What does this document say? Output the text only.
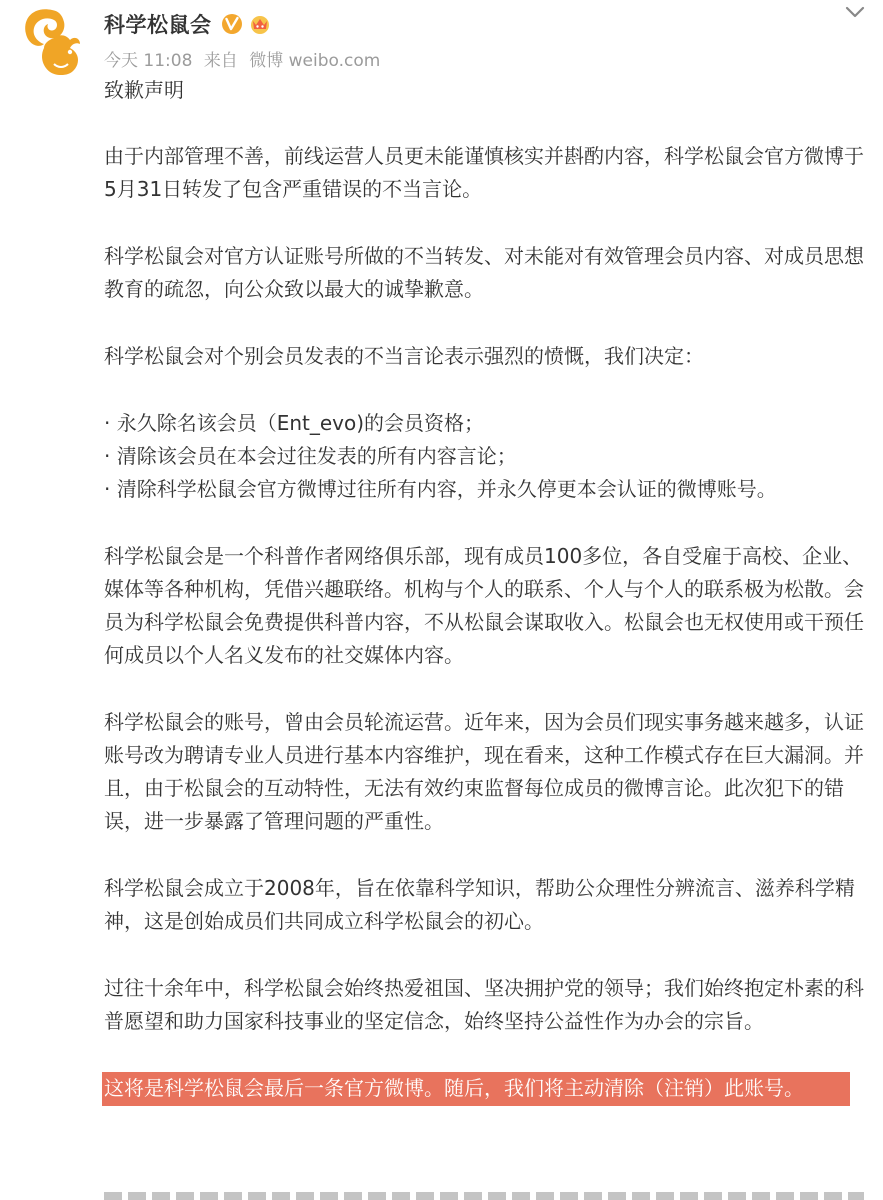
科学松鼠会
今天 11:08 来自 微博 weibo.com

致歉声明

由于内部管理不善，前线运营人员更未能谨慎核实并斟酌内容，科学松鼠会官方微博于5月31日转发了包含严重错误的不当言论。

科学松鼠会对官方认证账号所做的不当转发、对未能对有效管理会员内容、对成员思想教育的疏忽，向公众致以最大的诚挚歉意。

科学松鼠会对个别会员发表的不当言论表示强烈的愤慨，我们决定：

· 永久除名该会员（Ent_evo)的会员资格；
· 清除该会员在本会过往发表的所有内容言论；
· 清除科学松鼠会官方微博过往所有内容，并永久停更本会认证的微博账号。

科学松鼠会是一个科普作者网络俱乐部，现有成员100多位，各自受雇于高校、企业、媒体等各种机构，凭借兴趣联络。机构与个人的联系、个人与个人的联系极为松散。会员为科学松鼠会免费提供科普内容，不从松鼠会谋取收入。松鼠会也无权使用或干预任何成员以个人名义发布的社交媒体内容。

科学松鼠会的账号，曾由会员轮流运营。近年来，因为会员们现实事务越来越多，认证账号改为聘请专业人员进行基本内容维护，现在看来，这种工作模式存在巨大漏洞。并且，由于松鼠会的互动特性，无法有效约束监督每位成员的微博言论。此次犯下的错误，进一步暴露了管理问题的严重性。

科学松鼠会成立于2008年，旨在依靠科学知识，帮助公众理性分辨流言、滋养科学精神，这是创始成员们共同成立科学松鼠会的初心。

过往十余年中，科学松鼠会始终热爱祖国、坚决拥护党的领导；我们始终抱定朴素的科普愿望和助力国家科技事业的坚定信念，始终坚持公益性作为办会的宗旨。

这将是科学松鼠会最后一条官方微博。随后，我们将主动清除（注销）此账号。
